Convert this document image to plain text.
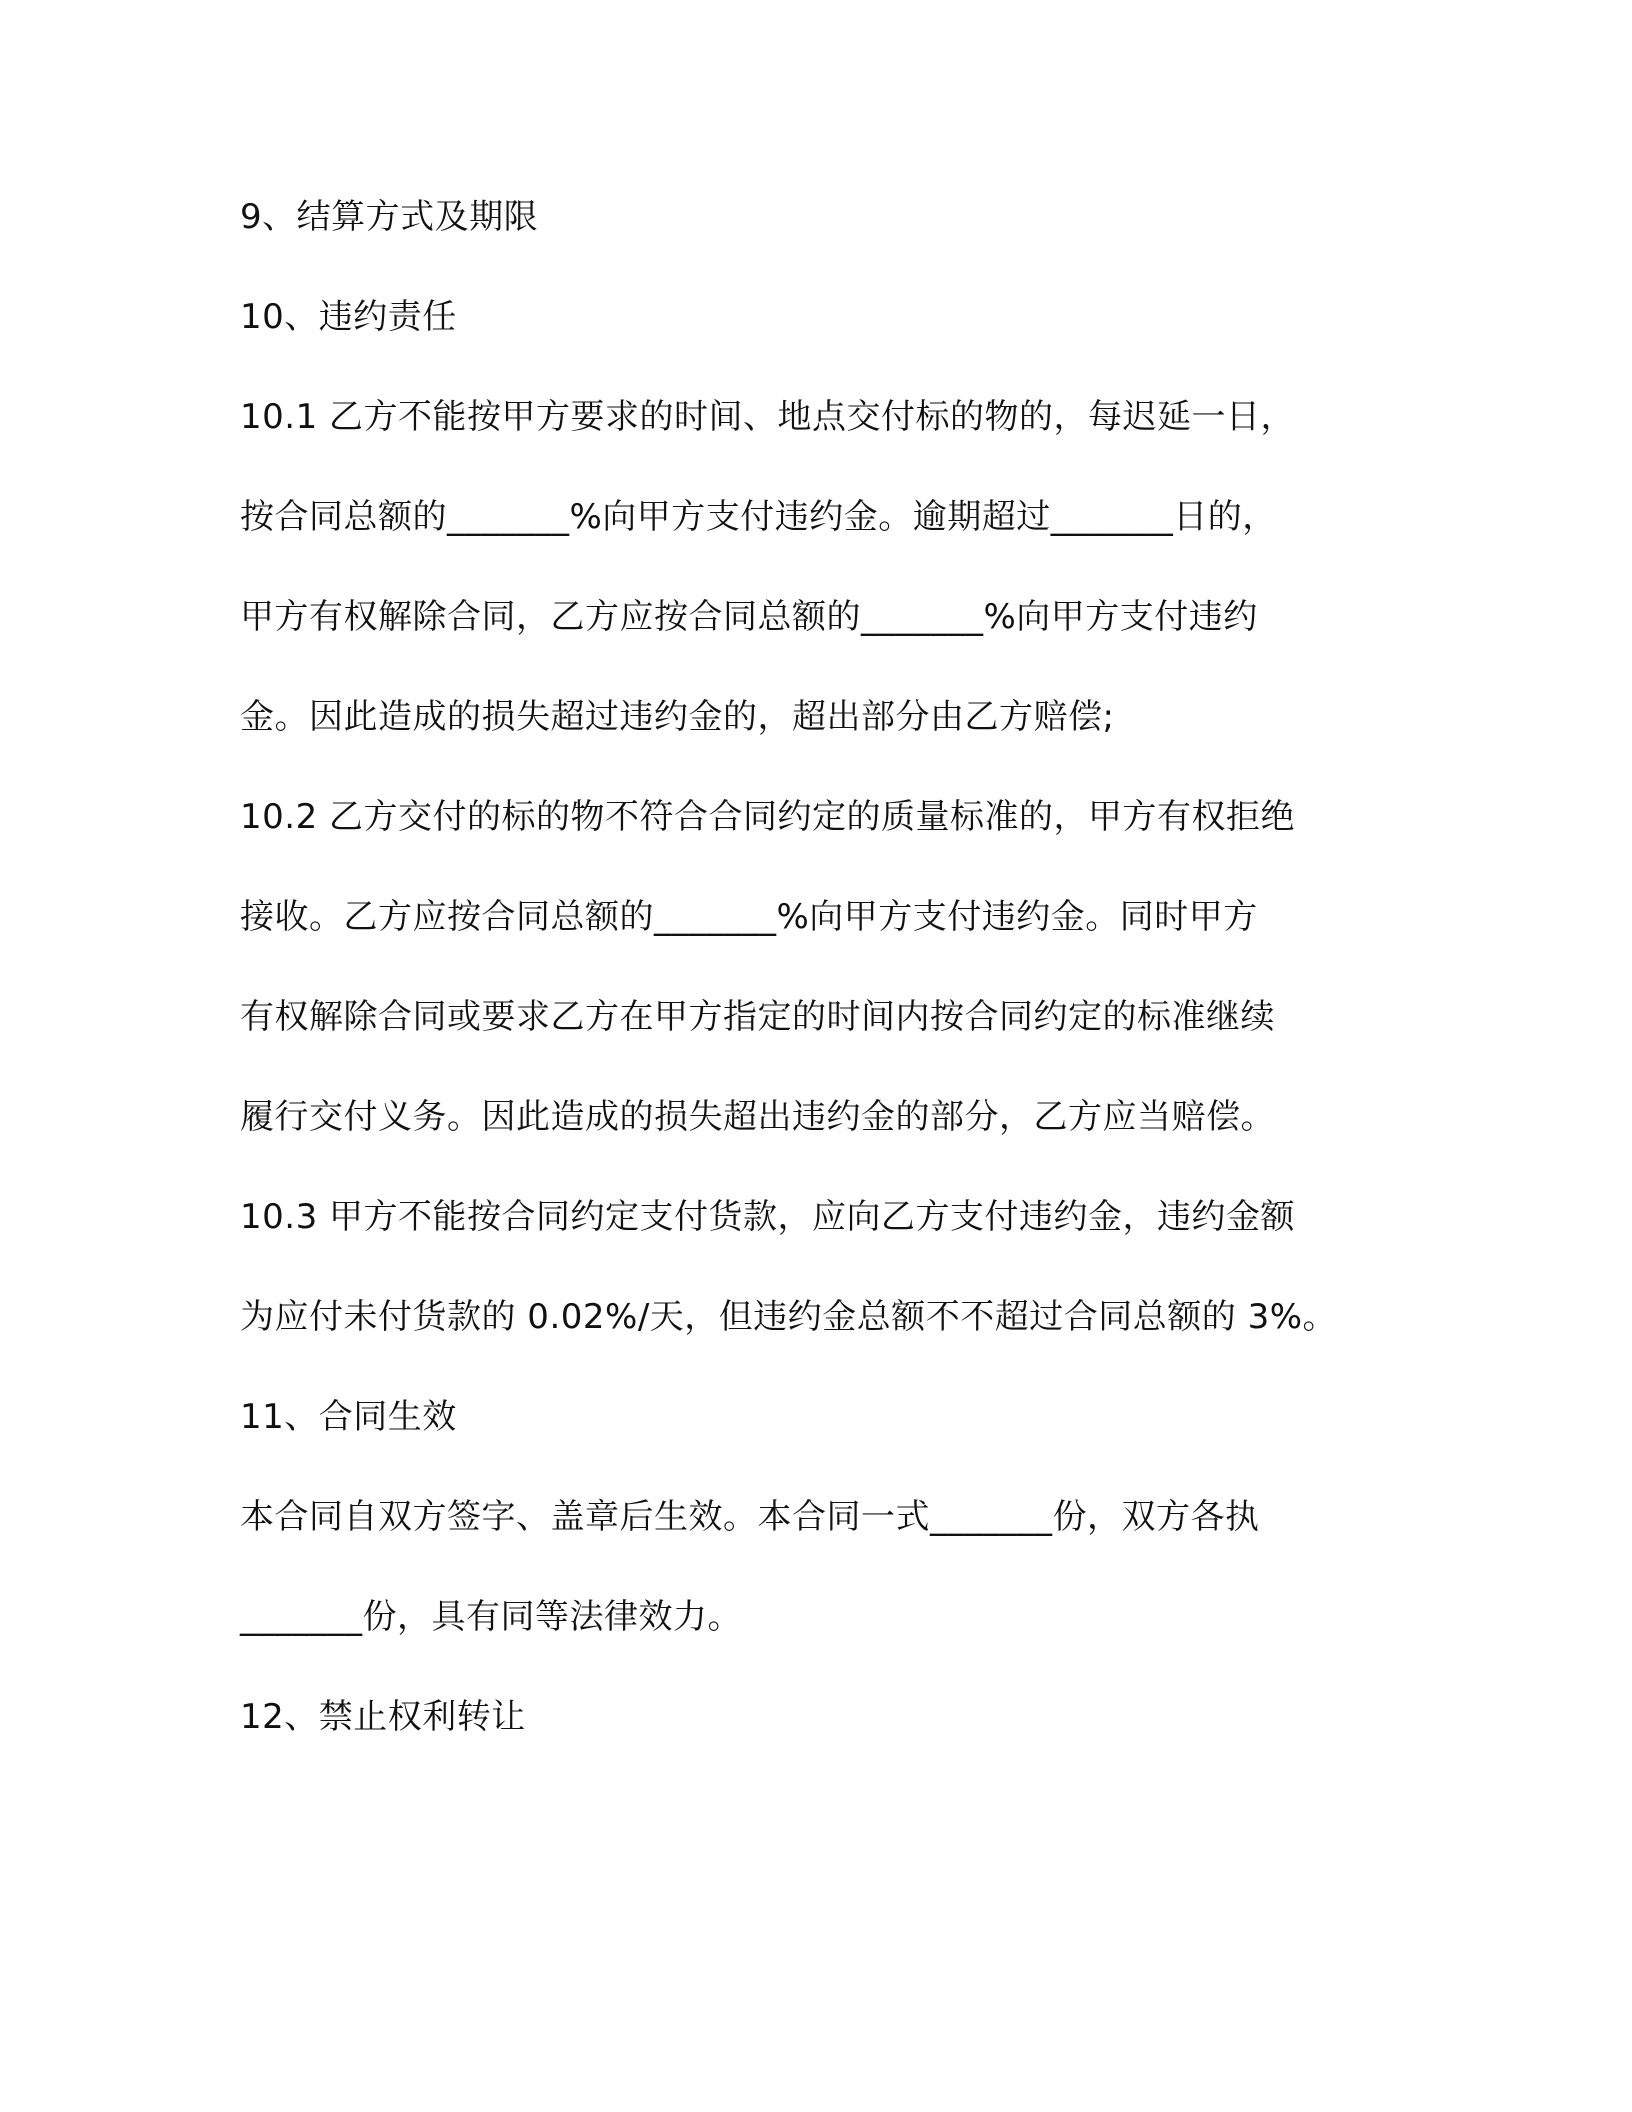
9、结算方式及期限

10、违约责任

10.1 乙方不能按甲方要求的时间、地点交付标的物的，每迟延一日，

按合同总额的_______%向甲方支付违约金。逾期超过_______日的，

甲方有权解除合同，乙方应按合同总额的_______%向甲方支付违约

金。因此造成的损失超过违约金的，超出部分由乙方赔偿;

10.2 乙方交付的标的物不符合合同约定的质量标准的，甲方有权拒绝

接收。乙方应按合同总额的_______%向甲方支付违约金。同时甲方

有权解除合同或要求乙方在甲方指定的时间内按合同约定的标准继续

履行交付义务。因此造成的损失超出违约金的部分，乙方应当赔偿。

10.3 甲方不能按合同约定支付货款，应向乙方支付违约金，违约金额

为应付未付货款的 0.02%/天，但违约金总额不不超过合同总额的 3%。

11、合同生效

本合同自双方签字、盖章后生效。本合同一式_______份，双方各执

_______份，具有同等法律效力。

12、禁止权利转让
